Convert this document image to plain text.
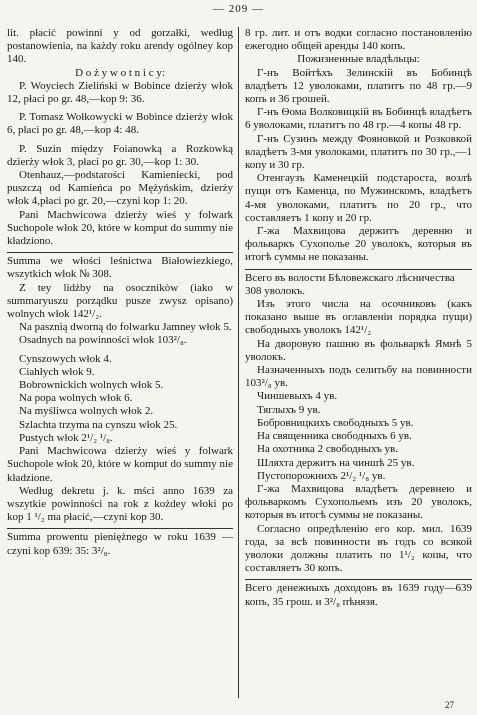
— 209 —

lit. płacić powinni y od gorzałki, według postanowienia, na każdy roku arendy ogólney kop 140.

D o ż y w o t n i c y:

P. Woyciech Zieliński w Bobince dzierży włok 12, płaci po gr. 48,—kop 9: 36.

P. Tomasz Wołkowycki w Bobince dzierży włok 6, płaci po gr. 48,—kop 4: 48.

P. Suzin między Foianowką a Rozkowką dzierży włok 3, płaci po gr. 30,—kop 1: 30.

Otenhauz,—podstarości Kamieniecki, pod puszczą od Kamieńca po Mężyńskim, dzierży włok 4,płaci po gr. 20,—czyni kop 1: 20.

Pani Machwicowa dzierży wieś y folwark Suchopole włok 20, które w komput do summy nie kładziono.

Summa we włości leśnictwa Białowiezkiego, wszytkich włok № 308.

Z tey lidżby na osocznikòw (iako w summaryuszu porządku pusze zwysz opisano) wolnych włok 142¹/₂.

Na pasznią dworną do folwarku Jamney włok 5.

Osadnych na powinności włok 103²/₈.

Cynszowych włok 4.

Ciahłych włok 9.

Bobrownickich wolnych włok 5.

Na popa wolnych włok 6.

Na myśliwca wolnych włok 2.

Szlachta trzyma na cynszu włok 25.

Pustych włok 2¹/₂ ¹/₈.

Pani Machwicowa dzierży wieś y folwark Suchopole włok 20, które w komput do summy nie kładzione.

Według dekretu j. k. mści anno 1639 za wszytkie powinności na rok z kożdey włoki po kop 1 ¹/₂ ma płacić,—czyni kop 30.

Summa prowentu pieniężnego w roku 1639 —czyni kop 639: 35: 3²/₈.

8 гр. лит. и отъ водки согласно постановленію ежегодно общей аренды 140 копъ.

Пожизненные владѣльцы:

Г-нъ Войтѣхъ Зелинскій въ Бобинцѣ владѣетъ 12 уволоками, платитъ по 48 гр.—9 копъ и 36 грошей.

Г-нъ Ѳома Волковицкій въ Бобинцѣ владѣетъ 6 уволоками, платитъ по 48 гр.—4 копы 48 гр.

Г-нъ Сузинъ между Фояновкой и Розковкой владѣетъ 3-мя уволоками, платитъ по 30 гр.,—1 копу и 30 гр.

Отенгаузъ Каменецкій подстароста, возлѣ пущи отъ Каменца, по Мужинскомъ, владѣетъ 4-мя уволоками, платитъ по 20 гр., что составляетъ 1 копу и 20 гр.

Г-жа Махвицова держитъ деревню и фольваркъ Сухополье 20 уволокъ, которыя въ итогѣ суммы не показаны.

Всего въ волости Бѣловежскаго лѣсничества 308 уволокъ.

Изъ этого числа на осочниковъ (какъ показано выше въ оглавленіи порядка пущи) свободныхъ уволокъ 142¹/₂

На дворовую пашню въ фольваркѣ Ямнѣ 5 уволокъ.

Назначенныхъ подъ селитьбу на повинности 103²/₈ ув.

Чиншевыхъ 4 ув.

Тяглыхъ 9 ув.

Бобровницкихъ свободныхъ 5 ув.

На священника свободныхъ 6 ув.

На охотника 2 свободныхъ ув.

Шляхта держитъ на чиншѣ 25 ув.

Пустопорожнихъ 2¹/₂ ¹/₈ ув.

Г-жа Махвицова владѣетъ деревнею и фольваркомъ Сухопольемъ изъ 20 уволокъ, которыя въ итогѣ суммы не показаны.

Согласно опредѣленію его кор. мил. 1639 года, за всѣ повинности въ годъ со всякой уволоки должны платить по 1¹/₂ копы, что составляетъ 30 копъ.

Всего денежныхъ доходовъ въ 1639 году—639 копъ, 35 грош. и 3²/₈ пѣнязя.

27
